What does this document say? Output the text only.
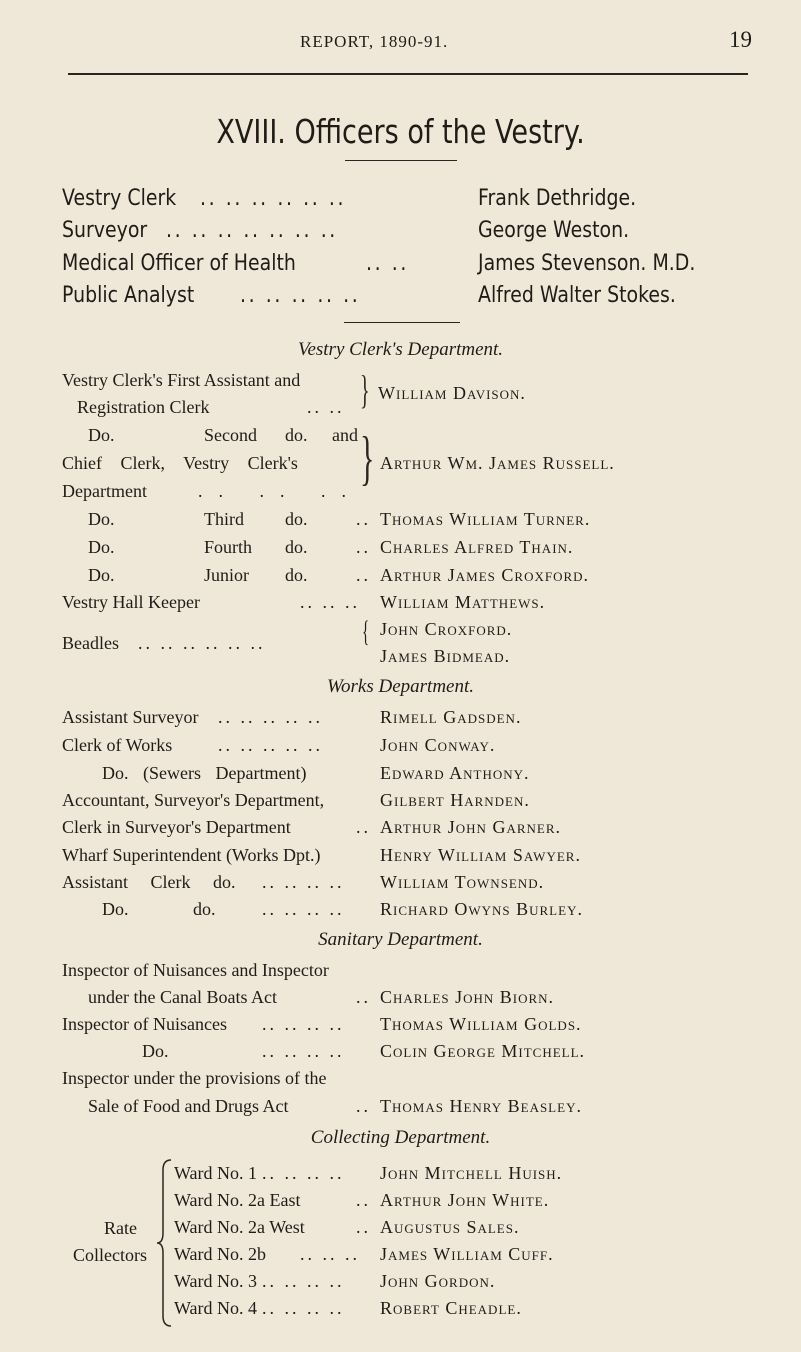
REPORT, 1890-91.	19
XVIII. Officers of the Vestry.
Vestry Clerk .. .. .. .. .. ..	Frank Dethridge.
Surveyor .. .. .. .. .. .. ..	George Weston.
Medical Officer of Health	.. ..	James Stevenson. M.D.
Public Analyst .. .. .. .. ..	Alfred Walter Stokes.
Vestry Clerk's Department.
Vestry Clerk's First Assistant and
Registration Clerk	.. .. } William Davison.
Do.	Second do. and
Chief Clerk, Vestry Clerk's
Department	.. .. ..
} Arthur Wm. James Russell.
Do.	Third do.	.. Thomas William Turner.
Do.	Fourth do.	.. Charles Alfred Thain.
Do.	Junior do.	.. Arthur James Croxford.
Vestry Hall Keeper	.. .. .. William Matthews.
Beadles .. .. .. .. .. ..	{ John Croxford.
James Bidmead.
Works Department.
Assistant Surveyor .. .. .. .. ..	Rimell Gadsden.
Clerk of Works	.. .. .. .. ..	John Conway.
Do. (Sewers Department)	Edward Anthony.
Accountant, Surveyor's Department,	Gilbert Harnden.
Clerk in Surveyor's Department	.. Arthur John Garner.
Wharf Superintendent (Works Dpt.)	Henry William Sawyer.
Assistant Clerk do. .. .. .. .. William Townsend.
Do. do.	.. .. .. .. Richard Owyns Burley.
Sanitary Department.
Inspector of Nuisances and Inspector
under the Canal Boats Act	.. Charles John Biorn.
Inspector of Nuisances .. .. .. .. Thomas William Golds.
Do.	.. .. .. .. Colin George Mitchell.
Inspector under the provisions of the
Sale of Food and Drugs Act	.. Thomas Henry Beasley.
Collecting Department.
Rate
Collectors
Ward No. 1 .. .. .. .. John Mitchell Huish.
Ward No. 2a East	.. Arthur John White.
Ward No. 2a West	.. Augustus Sales.
Ward No. 2b .. .. .. James William Cuff.
Ward No. 3 .. .. .. .. John Gordon.
Ward No. 4 .. .. .. .. Robert Cheadle.
